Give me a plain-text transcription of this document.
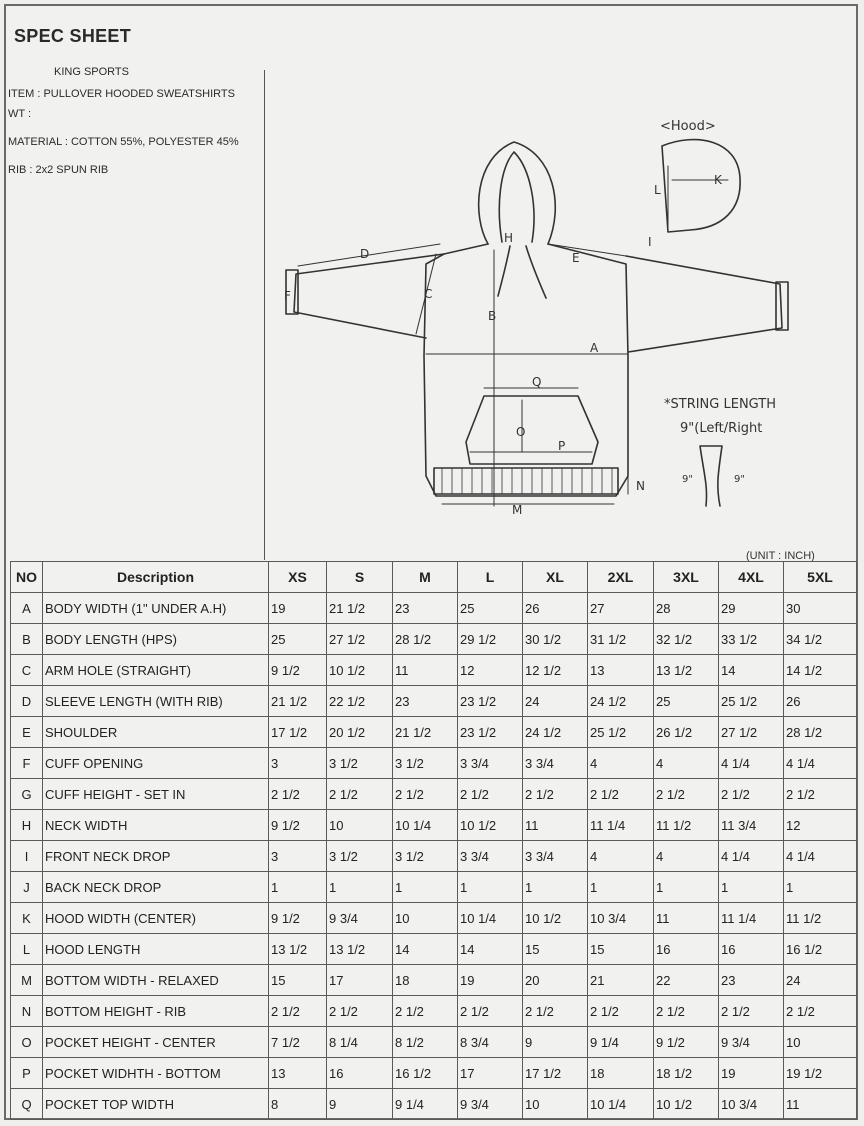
SPEC SHEET
KING SPORTS
ITEM : PULLOVER HOODED SWEATSHIRTS
WT :
MATERIAL : COTTON 55%, POLYESTER 45%
RIB : 2x2 SPUN RIB
D
C
B
A
E
F
H	I
K
L
M
N
O
P
Q
<Hood>
*STRING LENGTH
9"(Left/Right
9"	9"
(UNIT : INCH)
NO	Description	XS	S	M	L	XL	2XL	3XL	4XL	5XL
A	BODY WIDTH (1" UNDER A.H)	19	21 1/2	23	25	26	27	28	29	30
B	BODY LENGTH (HPS)	25	27 1/2	28 1/2	29 1/2	30 1/2	31 1/2	32 1/2	33 1/2	34 1/2
C	ARM HOLE (STRAIGHT)	9 1/2	10 1/2	11	12	12 1/2	13	13 1/2	14	14 1/2
D	SLEEVE LENGTH (WITH RIB)	21 1/2	22 1/2	23	23 1/2	24	24 1/2	25	25 1/2	26
E	SHOULDER	17 1/2	20 1/2	21 1/2	23 1/2	24 1/2	25 1/2	26 1/2	27 1/2	28 1/2
F	CUFF OPENING	3	3 1/2	3 1/2	3 3/4	3 3/4	4	4	4 1/4	4 1/4
G	CUFF HEIGHT - SET IN	2 1/2	2 1/2	2 1/2	2 1/2	2 1/2	2 1/2	2 1/2	2 1/2	2 1/2
H	NECK WIDTH	9 1/2	10	10 1/4	10 1/2	11	11 1/4	11 1/2	11 3/4	12
I	FRONT NECK DROP	3	3 1/2	3 1/2	3 3/4	3 3/4	4	4	4 1/4	4 1/4
J	BACK NECK DROP	1	1	1	1	1	1	1	1	1
K	HOOD WIDTH (CENTER)	9 1/2	9 3/4	10	10 1/4	10 1/2	10 3/4	11	11 1/4	11 1/2
L	HOOD LENGTH	13 1/2	13 1/2	14	14	15	15	16	16	16 1/2
M	BOTTOM WIDTH - RELAXED	15	17	18	19	20	21	22	23	24
N	BOTTOM HEIGHT - RIB	2 1/2	2 1/2	2 1/2	2 1/2	2 1/2	2 1/2	2 1/2	2 1/2	2 1/2
O	POCKET HEIGHT - CENTER	7 1/2	8 1/4	8 1/2	8 3/4	9	9 1/4	9 1/2	9 3/4	10
P	POCKET WIDHTH - BOTTOM	13	16	16 1/2	17	17 1/2	18	18 1/2	19	19 1/2
Q	POCKET TOP WIDTH	8	9	9 1/4	9 3/4	10	10 1/4	10 1/2	10 3/4	11
